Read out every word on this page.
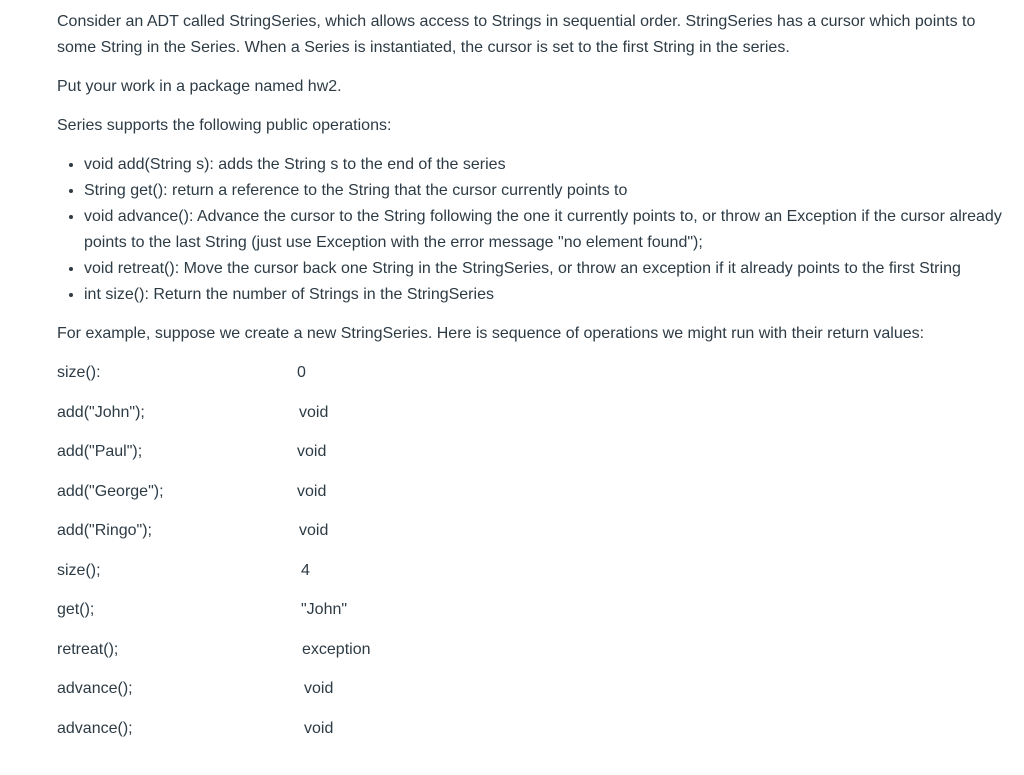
Consider an ADT called StringSeries, which allows access to Strings in sequential order. StringSeries has a cursor which points to some String in the Series. When a Series is instantiated, the cursor is set to the first String in the series.

Put your work in a package named hw2.

Series supports the following public operations:

• void add(String s): adds the String s to the end of the series
• String get(): return a reference to the String that the cursor currently points to
• void advance(): Advance the cursor to the String following the one it currently points to, or throw an Exception if the cursor already points to the last String (just use Exception with the error message "no element found");
• void retreat(): Move the cursor back one String in the StringSeries, or throw an exception if it already points to the first String
• int size(): Return the number of Strings in the StringSeries

For example, suppose we create a new StringSeries. Here is sequence of operations we might run with their return values:

size():	0
add("John");	void
add("Paul");	void
add("George");	void
add("Ringo");	void
size();	4
get();	"John"
retreat();	exception
advance();	void
advance();	void
